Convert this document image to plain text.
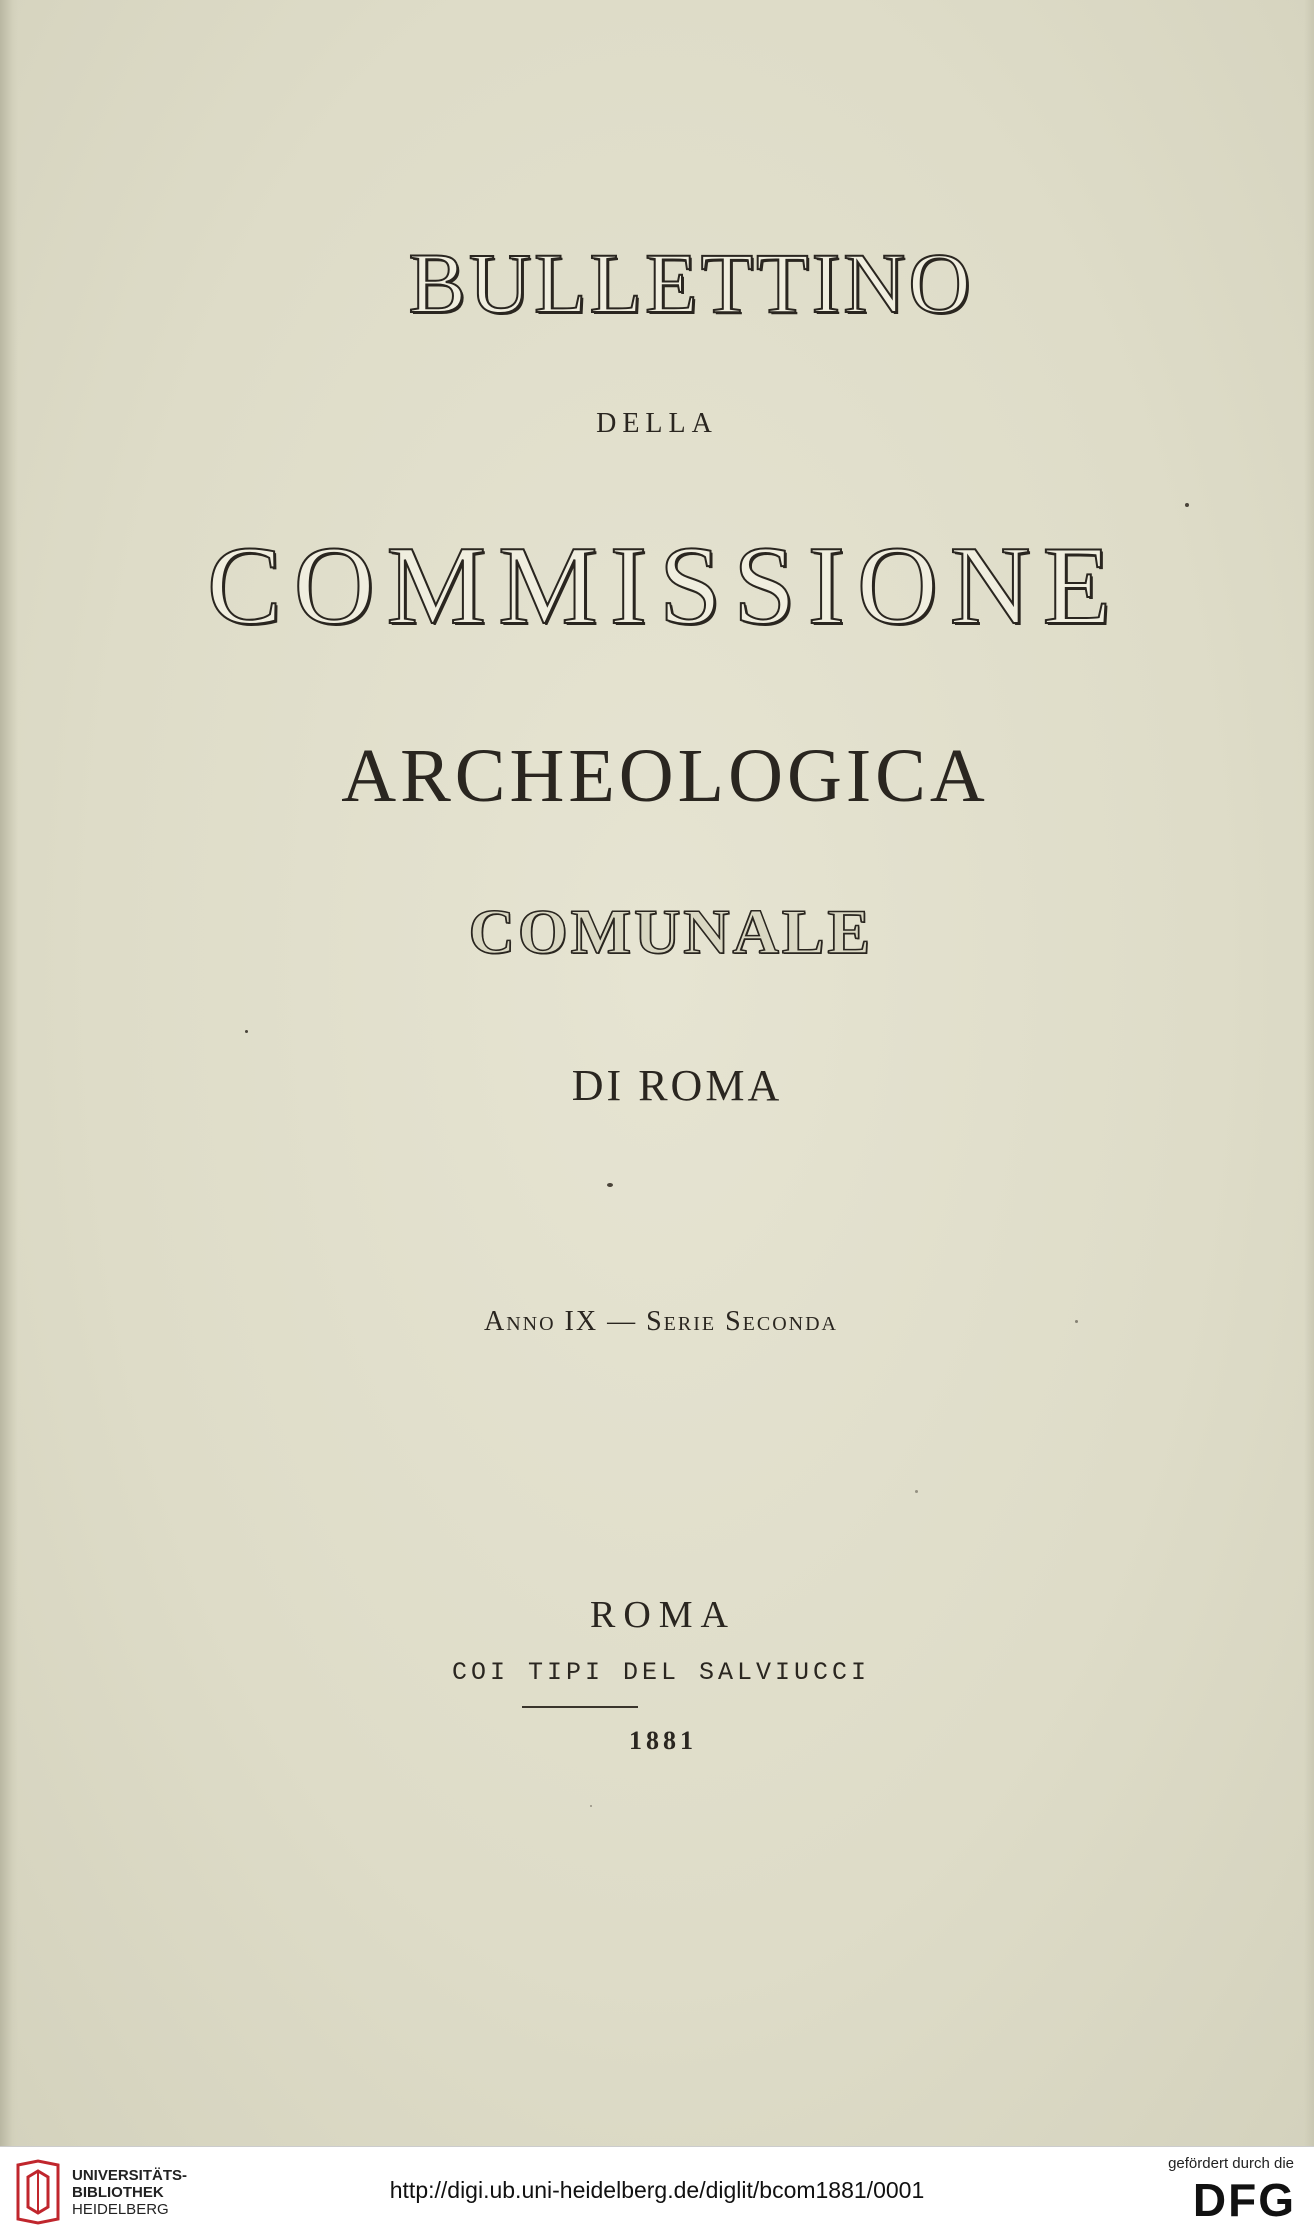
BULLETTINO
DELLA
COMMISSIONE
ARCHEOLOGICA
COMUNALE
DI ROMA
Anno IX — Serie Seconda
ROMA
COI TIPI DEL SALVIUCCI
1881
UNIVERSITÄTS-
BIBLIOTHEK
HEIDELBERG
http://digi.ub.uni-heidelberg.de/diglit/bcom1881/0001
gefördert durch die
DFG
